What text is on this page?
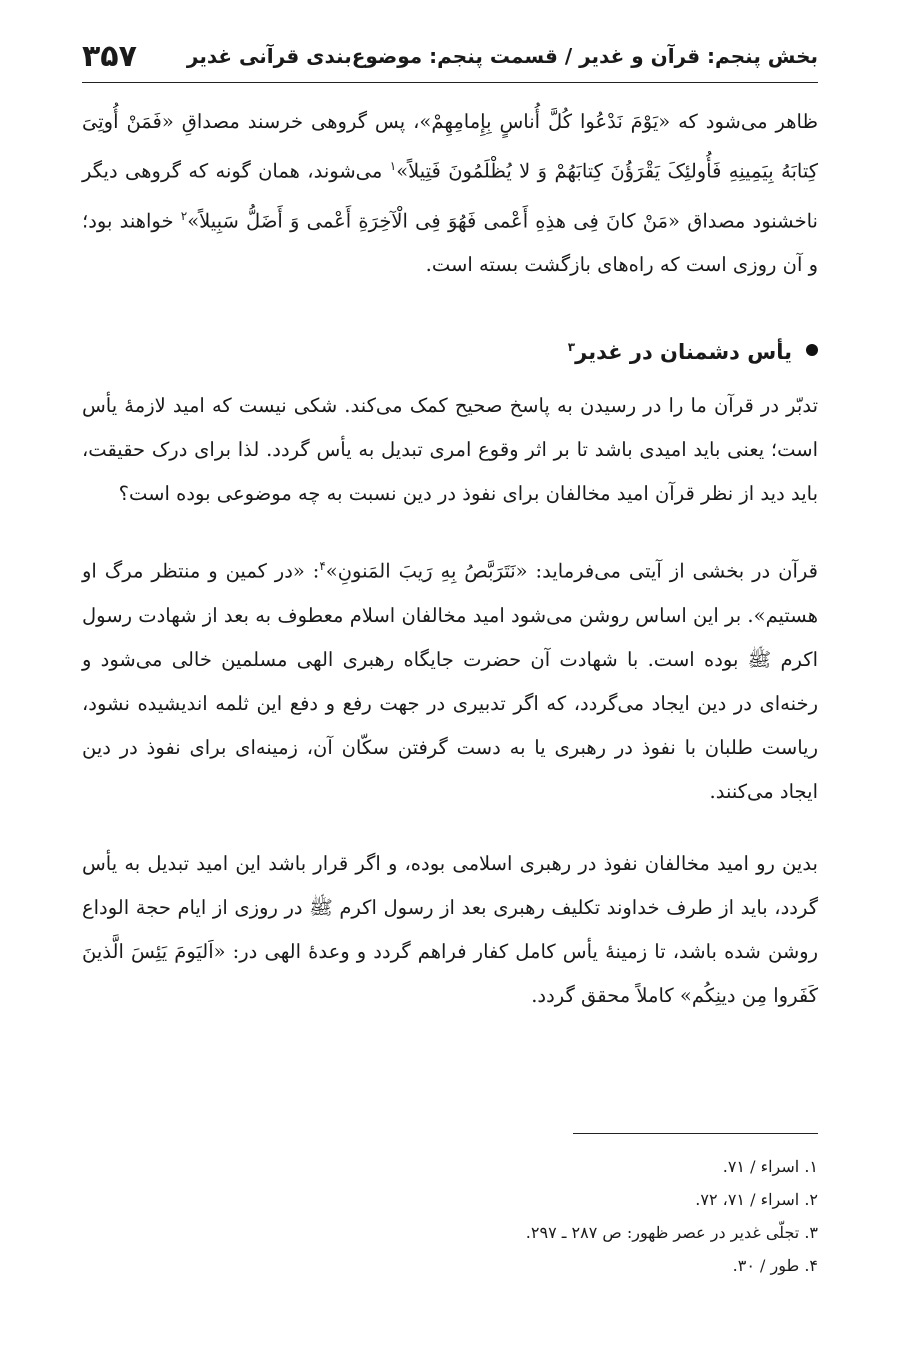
بخش پنجم: قرآن و غدیر / قسمت پنجم: موضوع‌بندی قرآنی غدیر
۳۵۷

ظاهر می‌شود که «یَوْمَ نَدْعُوا کُلَّ أُناسٍ بِإِمامِهِمْ»، پس گروهی خرسند مصداقِ «فَمَنْ أُوتِیَ کِتابَهُ بِیَمِینِهِ فَأُولئِکَ یَقْرَؤُنَ کِتابَهُمْ وَ لا یُظْلَمُونَ فَتِیلاً»$^۱$ می‌شوند، همان گونه که گروهی دیگر ناخشنود مصداق «مَنْ کانَ فِی هذِهِ أَعْمی فَهُوَ فِی الْآخِرَةِ أَعْمی وَ أَضَلُّ سَبِیلاً»$^۲$ خواهند بود؛ و آن روزی است که راه‌های بازگشت بسته است.

یأس دشمنان در غدیر$^۳$

تدبّر در قرآن ما را در رسیدن به پاسخ صحیح کمک می‌کند. شکی نیست که امید لازمهٔ یأس است؛ یعنی باید امیدی باشد تا بر اثر وقوع امری تبدیل به یأس گردد. لذا برای درک حقیقت، باید دید از نظر قرآن امید مخالفان برای نفوذ در دین نسبت به چه موضوعی بوده است؟

قرآن در بخشی از آیتی می‌فرماید: «نَتَرَبَّصُ بِهِ رَیبَ المَنونِ»$^۴$: «در کمین و منتظر مرگ او هستیم». بر این اساس روشن می‌شود امید مخالفان اسلام معطوف به بعد از شهادت رسول اکرم ﷺ بوده است. با شهادت آن حضرت جایگاه رهبری الهی مسلمین خالی می‌شود و رخنه‌ای در دین ایجاد می‌گردد، که اگر تدبیری در جهت رفع و دفع این ثلمه اندیشیده نشود، ریاست طلبان با نفوذ در رهبری یا به دست گرفتن سکّان آن، زمینه‌ای برای نفوذ در دین ایجاد می‌کنند.

بدین رو امید مخالفان نفوذ در رهبری اسلامی بوده، و اگر قرار باشد این امید تبدیل به یأس گردد، باید از طرف خداوند تکلیف رهبری بعد از رسول اکرم ﷺ در روزی از ایام حجة الوداع روشن شده باشد، تا زمینهٔ یأس کامل کفار فراهم گردد و وعدهٔ الهی در: «اَلیَومَ یَئِسَ الَّذینَ کَفَروا مِن دینِکُم» کاملاً محقق گردد.

۱. اسراء / ۷۱.

۲. اسراء / ۷۱، ۷۲.

۳. تجلّی غدیر در عصر ظهور: ص ۲۸۷ ـ ۲۹۷.

۴. طور / ۳۰.
